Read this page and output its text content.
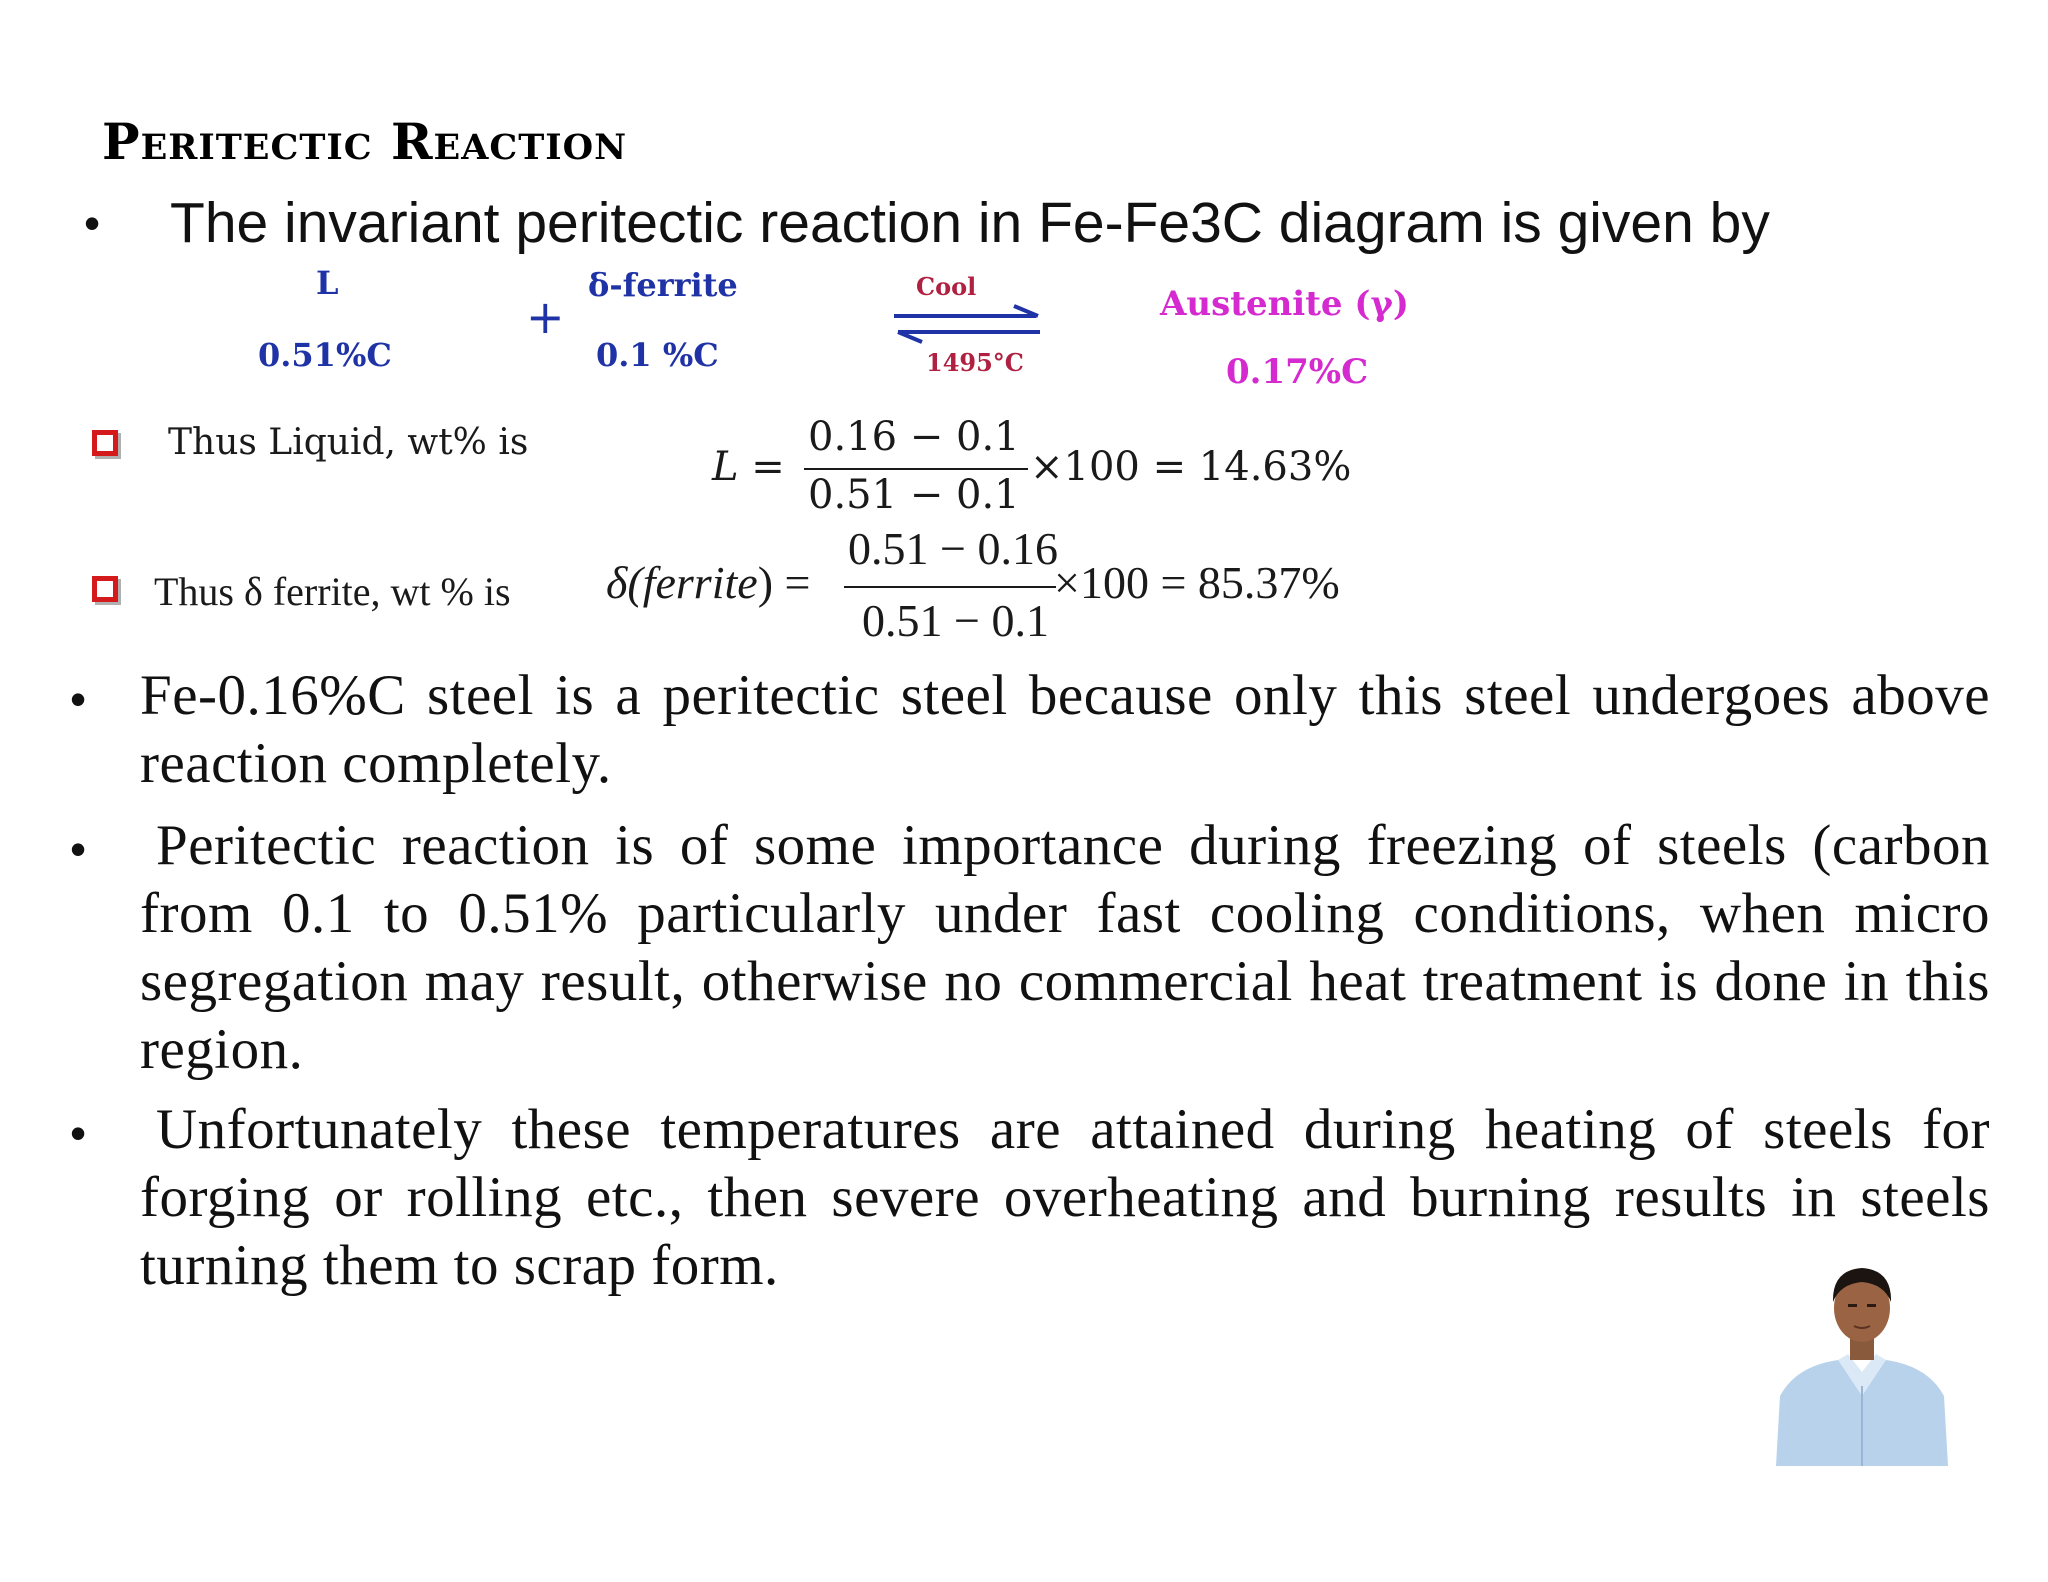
Peritectic Reaction
• The invariant peritectic reaction in Fe-Fe3C diagram is given by
L
0.51%C
+
δ-ferrite
0.1 %C
Cool
1495°C
Austenite (γ)
0.17%C
Thus Liquid, wt% is
L =
0.16 − 0.1
0.51 − 0.1
×100 = 14.63%
Thus δ ferrite, wt % is δ(ferrite) =
0.51 − 0.16
0.51 − 0.1
×100 = 85.37%
• Fe-0.16%C steel is a peritectic steel because only this steel undergoes above reaction completely.
• Peritectic reaction is of some importance during freezing of steels (carbon from 0.1 to 0.51% particularly under fast cooling conditions, when micro segregation may result, otherwise no commercial heat treatment is done in this region.
• Unfortunately these temperatures are attained during heating of steels for forging or rolling etc., then severe overheating and burning results in steels turning them to scrap form.
